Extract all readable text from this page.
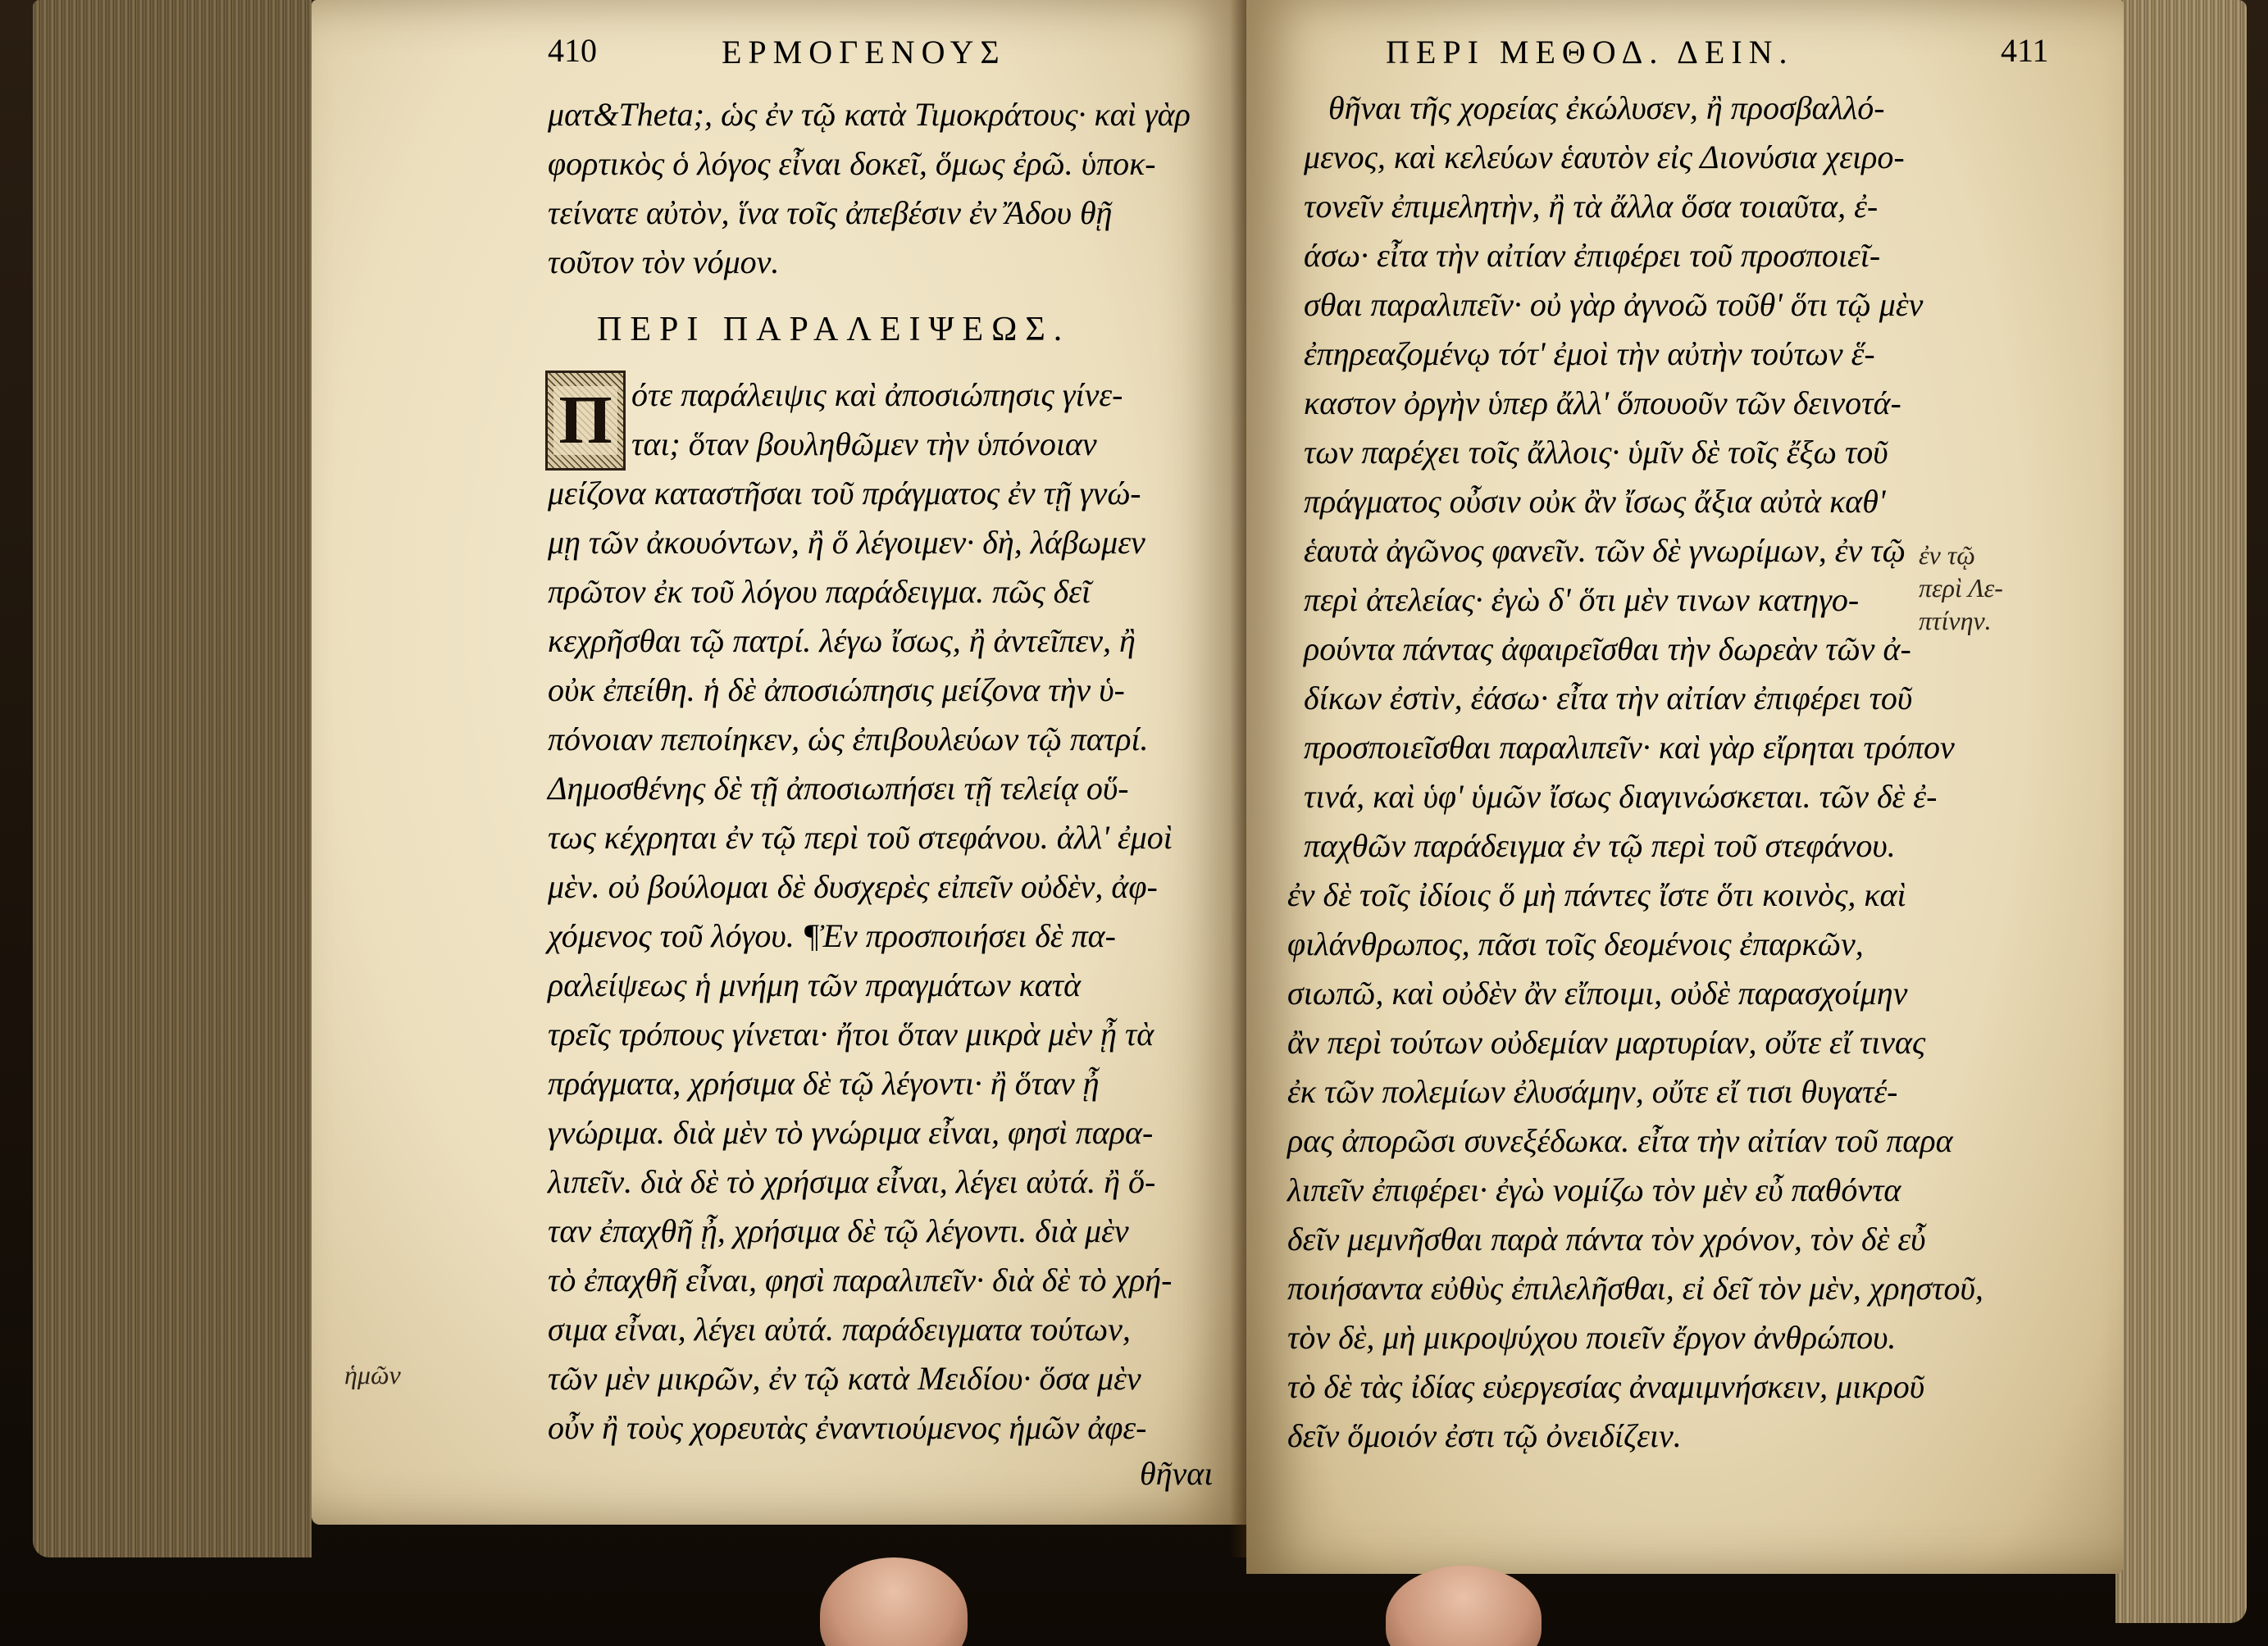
410	ΕΡΜΟΓΕΝΟΥΣ
ματ&Theta;, ὡς ἐν τῷ κατὰ Τιμοκράτους· καὶ γὰρ
φορτικὸς ὁ λόγος εἶναι δοκεῖ, ὅμως ἐρῶ. ὑποκ-
τείνατε αὐτὸν, ἵνα τοῖς ἀπεβέσιν ἐν Ἄδου θῇ
τοῦτον τὸν νόμον.
ΠΕΡΙ ΠΑΡΑΛΕΙΨΕΩΣ.
Π ότε παράλειψις καὶ ἀποσιώπησις γίνε-
ται; ὅταν βουληθῶμεν τὴν ὑπόνοιαν
μείζονα καταστῆσαι τοῦ πράγματος ἐν τῇ γνώ-
μῃ τῶν ἀκουόντων, ἢ ὅ λέγοιμεν· δὴ, λάβωμεν
πρῶτον ἐκ τοῦ λόγου παράδειγμα. πῶς δεῖ
κεχρῆσθαι τῷ πατρί. λέγω ἴσως, ἢ ἀντεῖπεν, ἢ
οὐκ ἐπείθη. ἡ δὲ ἀποσιώπησις μείζονα τὴν ὑ-
πόνοιαν πεποίηκεν, ὡς ἐπιβουλεύων τῷ πατρί.
Δημοσθένης δὲ τῇ ἀποσιωπήσει τῇ τελείᾳ οὕ-
τως κέχρηται ἐν τῷ περὶ τοῦ στεφάνου. ἀλλ' ἐμοὶ
μὲν. οὐ βούλομαι δὲ δυσχερὲς εἰπεῖν οὐδὲν, ἀφ-
χόμενος τοῦ λόγου. ¶Ἐν προσποιήσει δὲ πα-
ραλείψεως ἡ μνήμη τῶν πραγμάτων κατὰ
τρεῖς τρόπους γίνεται· ἤτοι ὅταν μικρὰ μὲν ᾖ τὰ
πράγματα, χρήσιμα δὲ τῷ λέγοντι· ἢ ὅταν ᾖ
γνώριμα. διὰ μὲν τὸ γνώριμα εἶναι, φησὶ παρα-
λιπεῖν. διὰ δὲ τὸ χρήσιμα εἶναι, λέγει αὐτά. ἢ ὅ-
ταν ἐπαχθῆ ᾖ, χρήσιμα δὲ τῷ λέγοντι. διὰ μὲν
τὸ ἐπαχθῆ εἶναι, φησὶ παραλιπεῖν· διὰ δὲ τὸ χρή-
σιμα εἶναι, λέγει αὐτά. παράδειγματα τούτων,
τῶν μὲν μικρῶν, ἐν τῷ κατὰ Μειδίου· ὅσα μὲν
οὖν ἢ τοὺς χορευτὰς ἐναντιούμενος ἡμῶν ἀφε-
θῆναι
ἡμῶν
ΠΕΡΙ ΜΕΘΟΔ. ΔΕΙΝ.	411
θῆναι τῆς χορείας ἐκώλυσεν, ἢ προσβαλλό-
μενος, καὶ κελεύων ἑαυτὸν εἰς Διονύσια χειρο-
τονεῖν ἐπιμελητὴν, ἢ τὰ ἄλλα ὅσα τοιαῦτα, ἐ-
άσω· εἶτα τὴν αἰτίαν ἐπιφέρει τοῦ προσποιεῖ-
σθαι παραλιπεῖν· οὐ γὰρ ἀγνοῶ τοῦθ' ὅτι τῷ μὲν
ἐπηρεαζομένῳ τότ' ἐμοὶ τὴν αὐτὴν τούτων ἕ-
καστον ὀργὴν ὑπερ ἄλλ' ὅπουοῦν τῶν δεινοτά-
των παρέχει τοῖς ἄλλοις· ὑμῖν δὲ τοῖς ἔξω τοῦ
πράγματος οὖσιν οὐκ ἂν ἴσως ἄξια αὐτὰ καθ'
ἑαυτὰ ἀγῶνος φανεῖν. τῶν δὲ γνωρίμων, ἐν τῷ
περὶ ἀτελείας· ἐγὼ δ' ὅτι μὲν τινων κατηγο-
ρούντα πάντας ἀφαιρεῖσθαι τὴν δωρεὰν τῶν ἀ-
δίκων ἐστὶν, ἐάσω· εἶτα τὴν αἰτίαν ἐπιφέρει τοῦ
προσποιεῖσθαι παραλιπεῖν· καὶ γὰρ εἴρηται τρόπον
τινά, καὶ ὑφ' ὑμῶν ἴσως διαγινώσκεται. τῶν δὲ ἐ-
παχθῶν παράδειγμα ἐν τῷ περὶ τοῦ στεφάνου.
ἐν δὲ τοῖς ἰδίοις ὅ μὴ πάντες ἴστε ὅτι κοινὸς, καὶ
φιλάνθρωπος, πᾶσι τοῖς δεομένοις ἐπαρκῶν,
σιωπῶ, καὶ οὐδὲν ἂν εἴποιμι, οὐδὲ παρασχοίμην
ἂν περὶ τούτων οὐδεμίαν μαρτυρίαν, οὔτε εἴ τινας
ἐκ τῶν πολεμίων ἐλυσάμην, οὔτε εἴ τισι θυγατέ-
ρας ἀπορῶσι συνεξέδωκα. εἶτα τὴν αἰτίαν τοῦ παρα
λιπεῖν ἐπιφέρει· ἐγὼ νομίζω τὸν μὲν εὖ παθόντα
δεῖν μεμνῆσθαι παρὰ πάντα τὸν χρόνον, τὸν δὲ εὖ
ποιήσαντα εὐθὺς ἐπιλελῆσθαι, εἰ δεῖ τὸν μὲν, χρηστοῦ,
τὸν δὲ, μὴ μικροψύχου ποιεῖν ἔργον ἀνθρώπου.
τὸ δὲ τὰς ἰδίας εὐεργεσίας ἀναμιμνήσκειν, μικροῦ
δεῖν ὅμοιόν ἐστι τῷ ὀνειδίζειν.
ἐν τῷ
περὶ Λε-
πτίνην.
